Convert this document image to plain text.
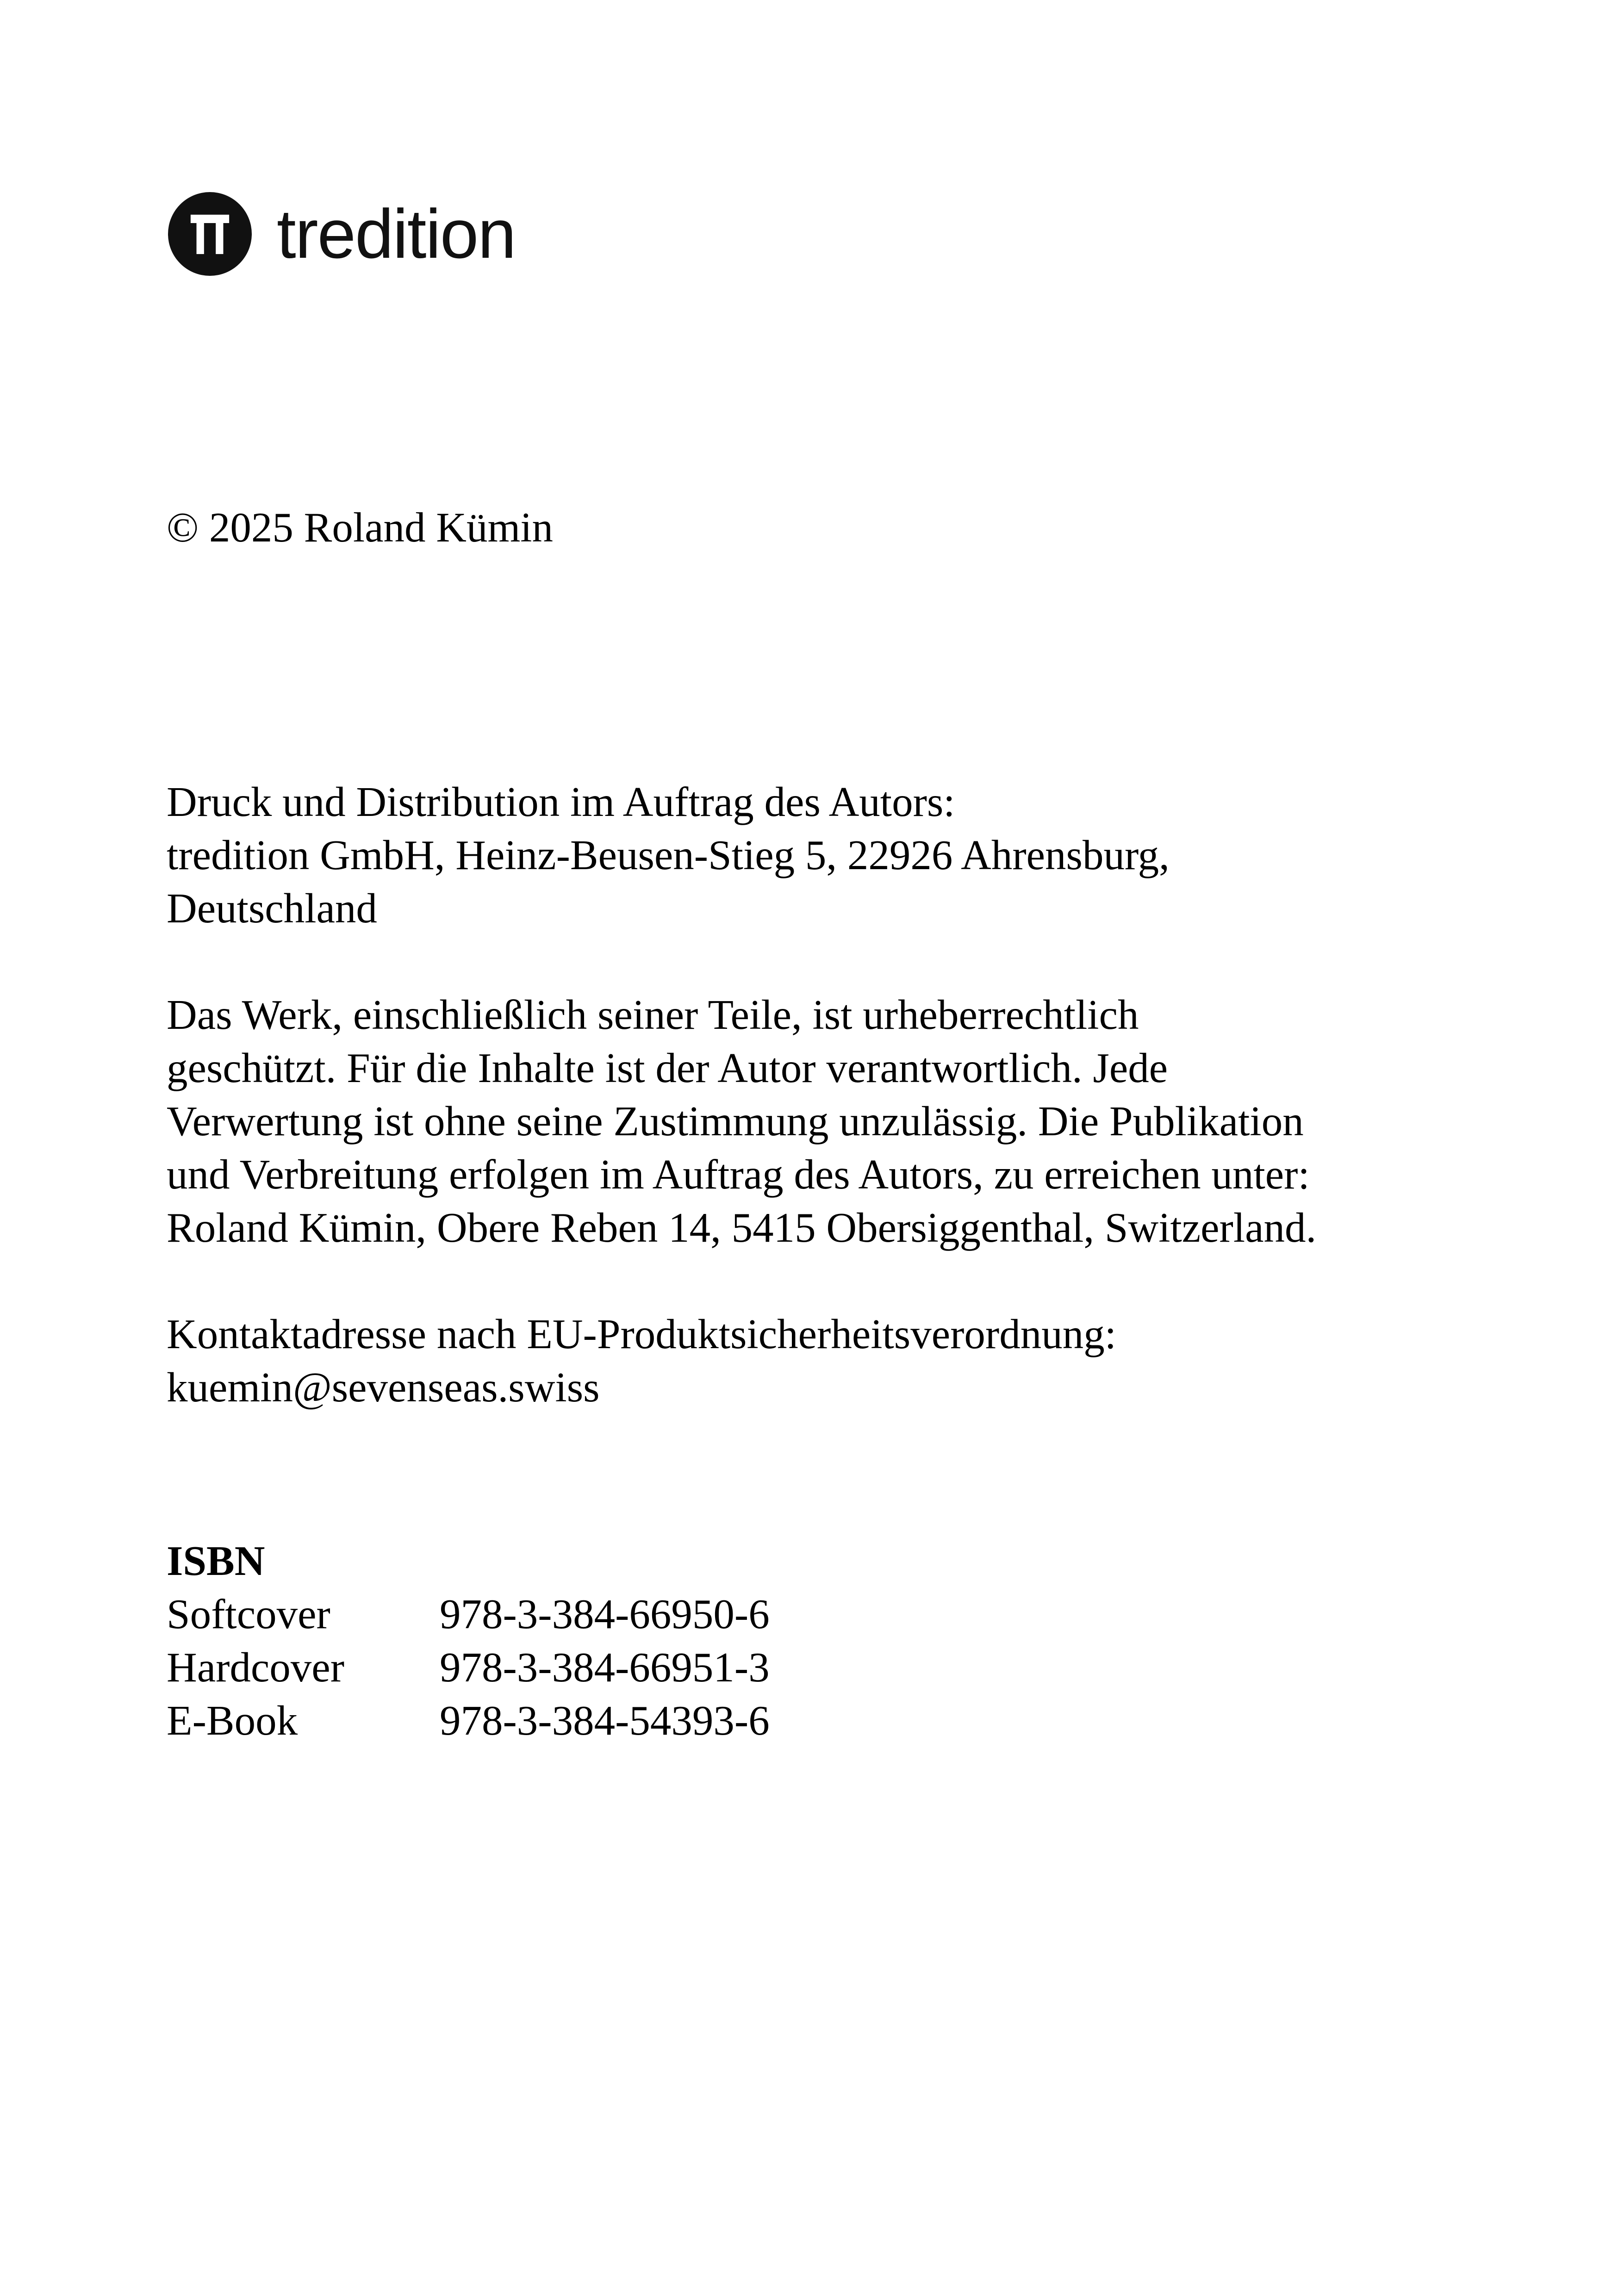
tredition
© 2025 Roland Kümin
Druck und Distribution im Auftrag des Autors:
tredition GmbH, Heinz-Beusen-Stieg 5, 22926 Ahrensburg,
Deutschland
Das Werk, einschließlich seiner Teile, ist urheberrechtlich
geschützt. Für die Inhalte ist der Autor verantwortlich. Jede
Verwertung ist ohne seine Zustimmung unzulässig. Die Publikation
und Verbreitung erfolgen im Auftrag des Autors, zu erreichen unter:
Roland Kümin, Obere Reben 14, 5415 Obersiggenthal, Switzerland.
Kontaktadresse nach EU-Produktsicherheitsverordnung:
kuemin@sevenseas.swiss
ISBN
Softcover	978-3-384-66950-6
Hardcover	978-3-384-66951-3
E-Book	978-3-384-54393-6
